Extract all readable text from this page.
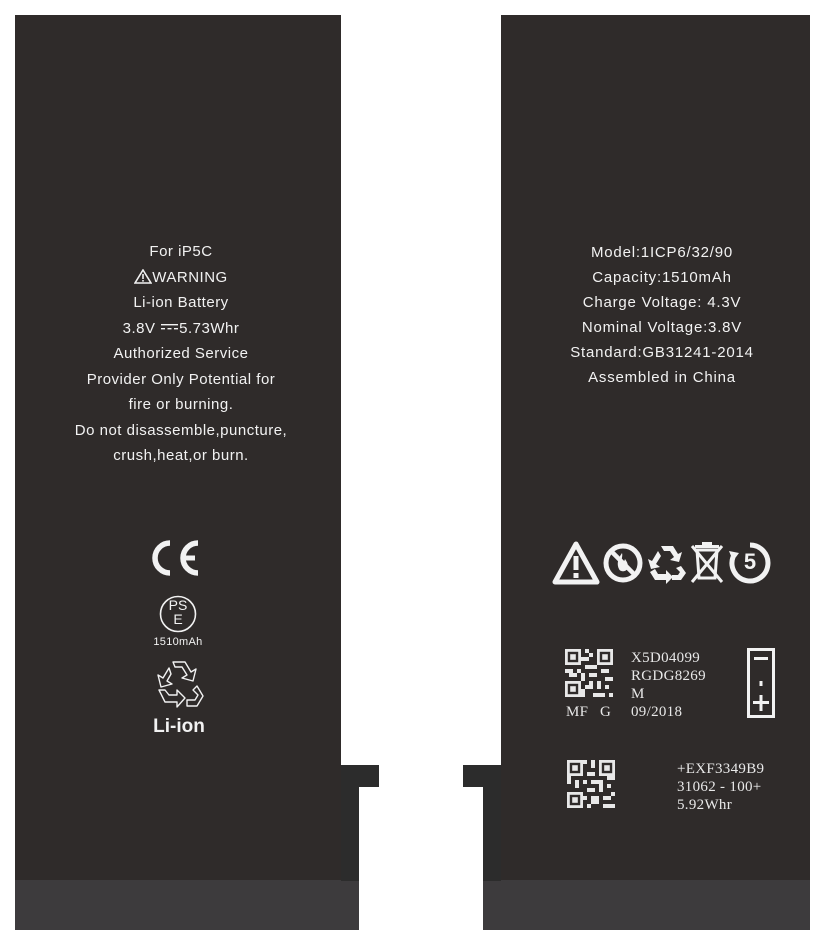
For iP5C
WARNING
Li-ion Battery
3.8V 5.73Whr
Authorized Service
Provider Only Potential for
fire or burning.
Do not disassemble,puncture,
crush,heat,or burn.
PS
E
1510mAh
Li-ion
Model:1ICP6/32/90
Capacity:1510mAh
Charge Voltage: 4.3V
Nominal Voltage:3.8V
Standard:GB31241-2014
Assembled in China
5
MF G
X5D04099
RGDG8269
M
09/2018
+EXF3349B9
31062 - 100+
5.92Whr
